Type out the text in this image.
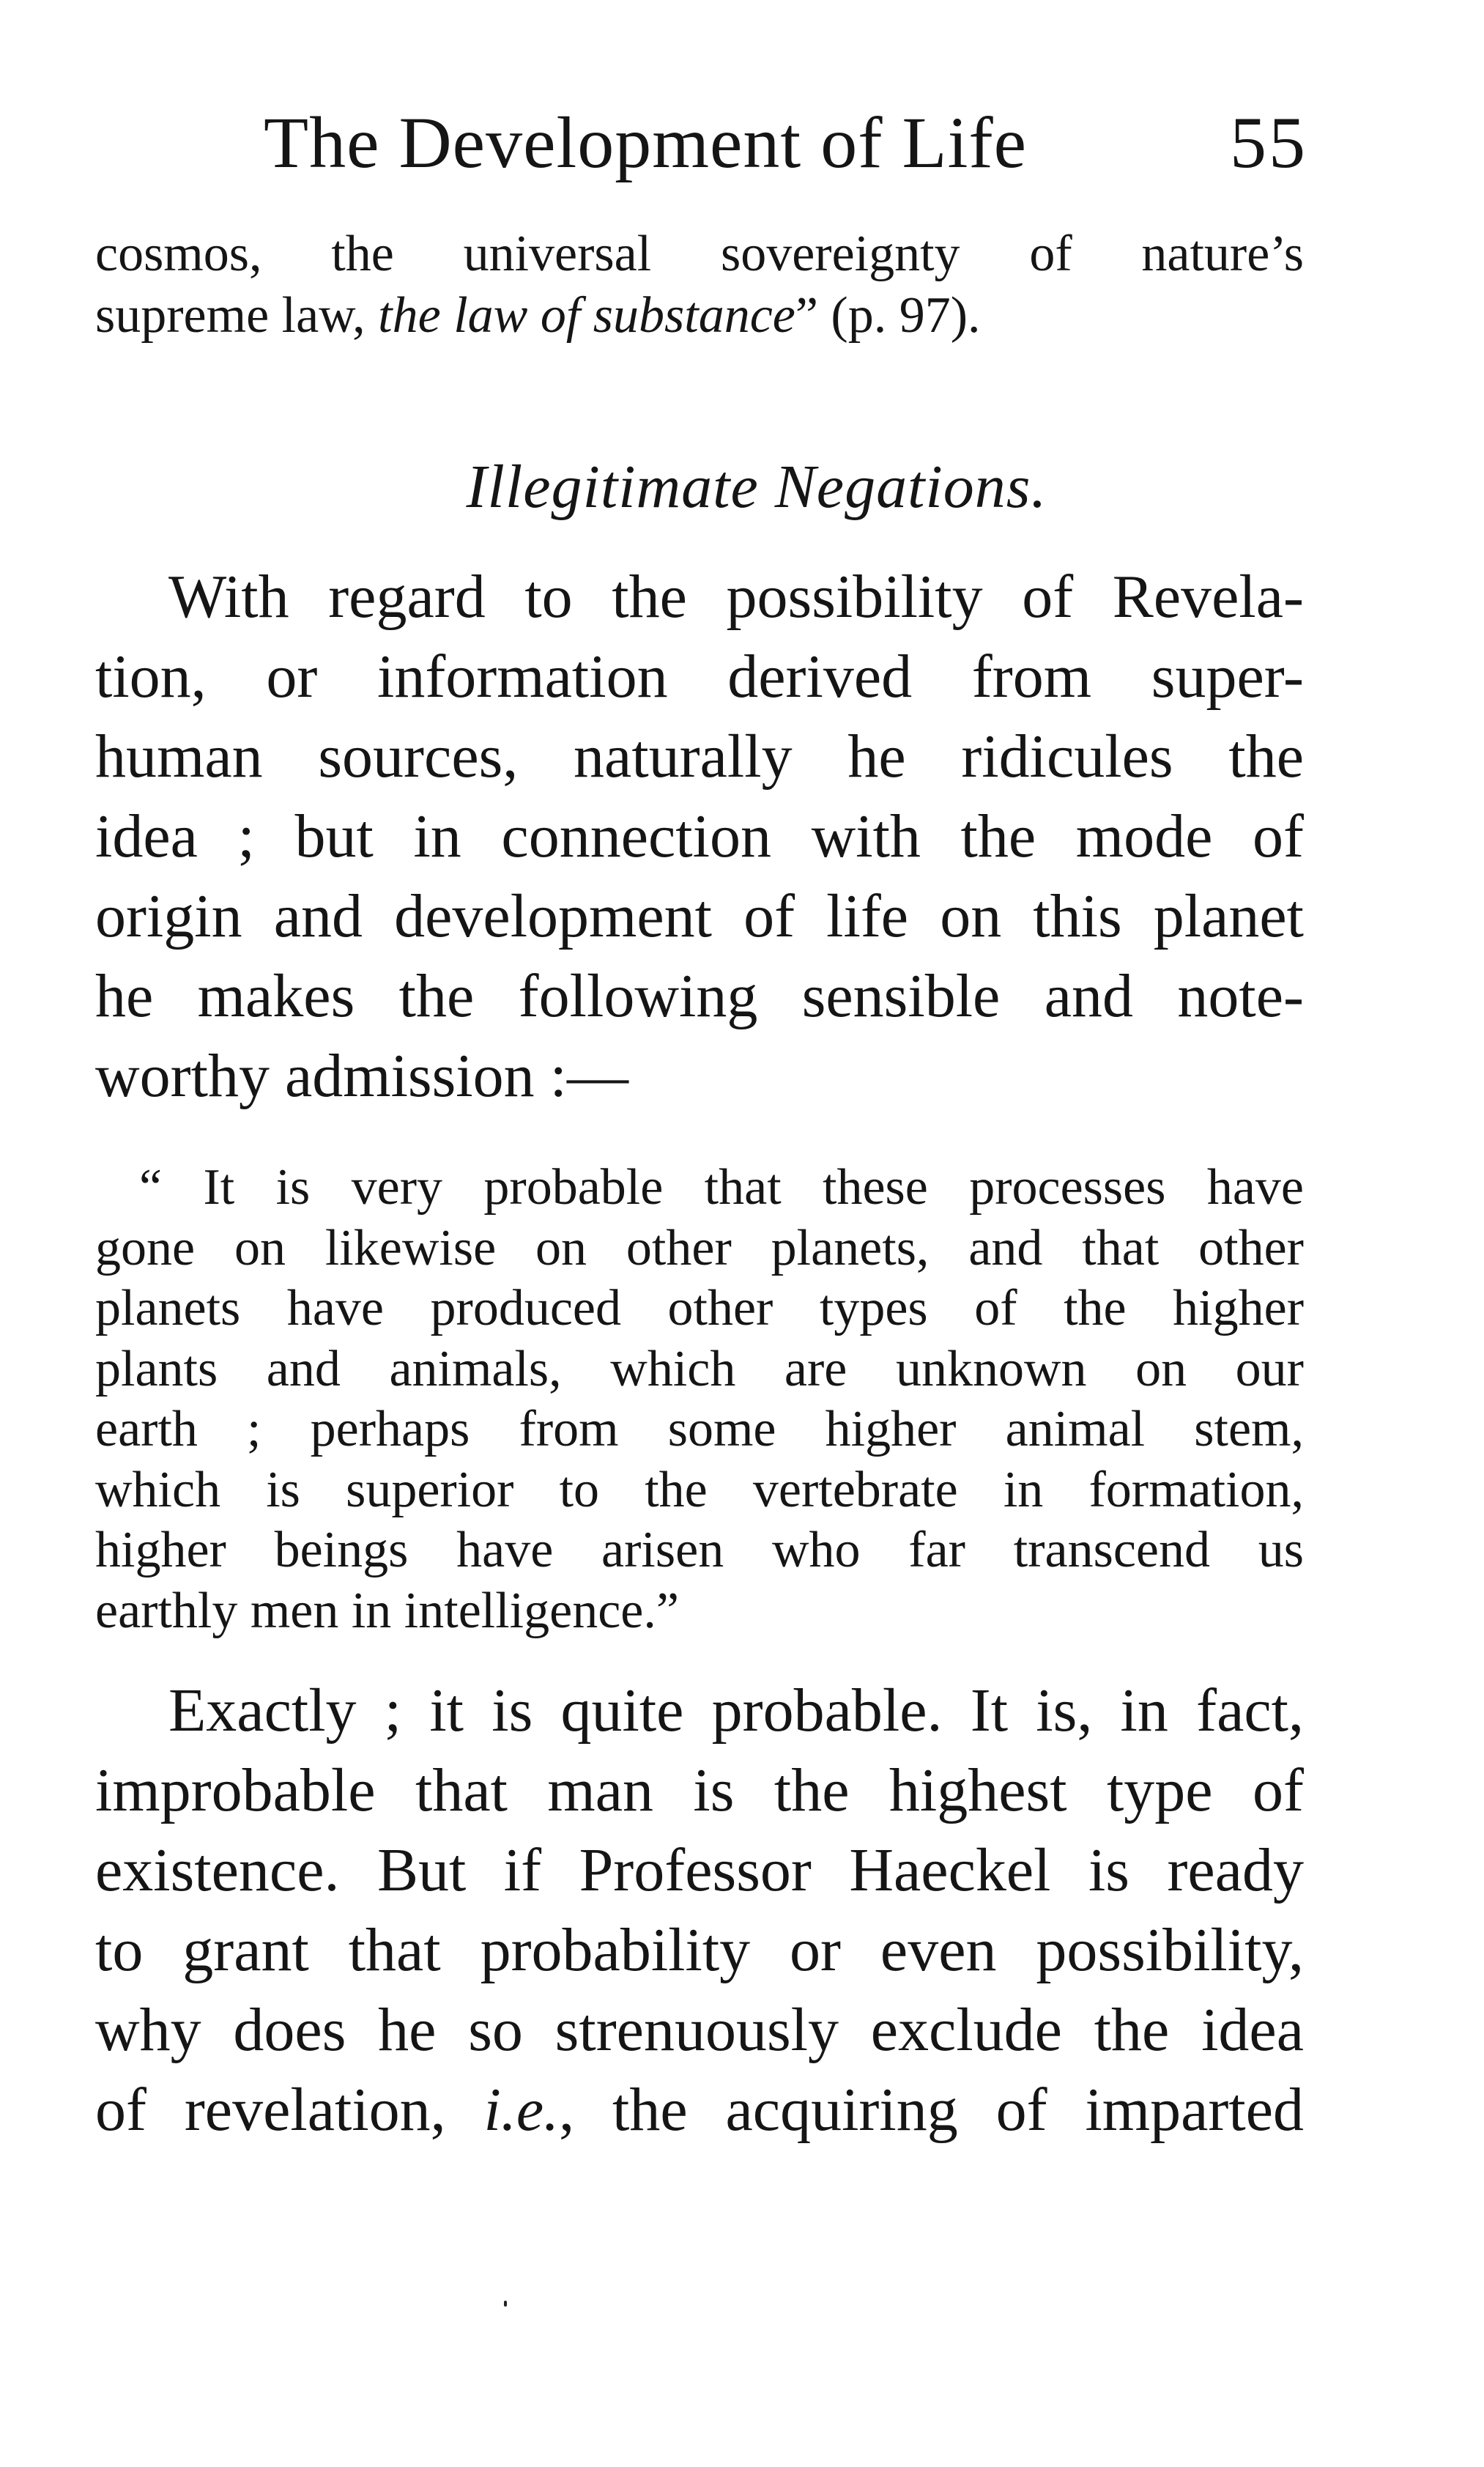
The Development of Life	55
cosmos, the universal sovereignty of nature’s
supreme law, the law of substance” (p. 97).
Illegitimate Negations.
With regard to the possibility of Revela-
tion, or information derived from super-
human sources, naturally he ridicules the
idea ; but in connection with the mode of
origin and development of life on this planet
he makes the following sensible and note-
worthy admission :—
“ It is very probable that these processes have
gone on likewise on other planets, and that other
planets have produced other types of the higher
plants and animals, which are unknown on our
earth ; perhaps from some higher animal stem,
which is superior to the vertebrate in formation,
higher beings have arisen who far transcend us
earthly men in intelligence.”
Exactly ; it is quite probable. It is, in fact,
improbable that man is the highest type of
existence. But if Professor Haeckel is ready
to grant that probability or even possibility,
why does he so strenuously exclude the idea
of revelation, i.e., the acquiring of imparted
